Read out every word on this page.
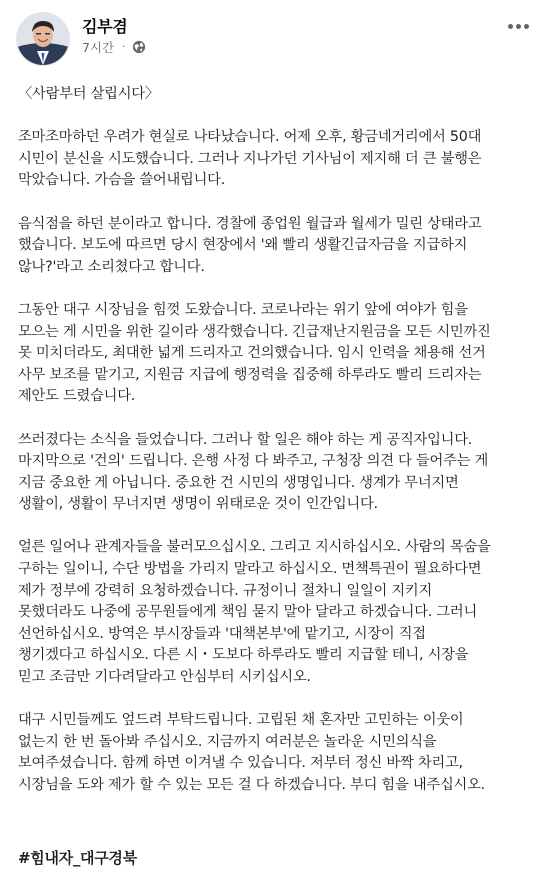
김부겸
7시간 ·

〈사람부터 살립시다〉

조마조마하던 우려가 현실로 나타났습니다. 어제 오후, 황금네거리에서 50대

시민이 분신을 시도했습니다. 그러나 지나가던 기사님이 제지해 더 큰 불행은

막았습니다. 가슴을 쓸어내립니다.

음식점을 하던 분이라고 합니다. 경찰에 종업원 월급과 월세가 밀린 상태라고

했습니다. 보도에 따르면 당시 현장에서 '왜 빨리 생활긴급자금을 지급하지

않나?'라고 소리쳤다고 합니다.

그동안 대구 시장님을 힘껏 도왔습니다. 코로나라는 위기 앞에 여야가 힘을

모으는 게 시민을 위한 길이라 생각했습니다. 긴급재난지원금을 모든 시민까진

못 미치더라도, 최대한 넓게 드리자고 건의했습니다. 임시 인력을 채용해 선거

사무 보조를 맡기고, 지원금 지급에 행정력을 집중해 하루라도 빨리 드리자는

제안도 드렸습니다.

쓰러졌다는 소식을 들었습니다. 그러나 할 일은 해야 하는 게 공직자입니다.

마지막으로 '건의' 드립니다. 은행 사정 다 봐주고, 구청장 의견 다 들어주는 게

지금 중요한 게 아닙니다. 중요한 건 시민의 생명입니다. 생계가 무너지면

생활이, 생활이 무너지면 생명이 위태로운 것이 인간입니다.

얼른 일어나 관계자들을 불러모으십시오. 그리고 지시하십시오. 사람의 목숨을

구하는 일이니, 수단 방법을 가리지 말라고 하십시오. 면책특권이 필요하다면

제가 정부에 강력히 요청하겠습니다. 규정이니 절차니 일일이 지키지

못했더라도 나중에 공무원들에게 책임 묻지 말아 달라고 하겠습니다. 그러니

선언하십시오. 방역은 부시장들과 '대책본부'에 맡기고, 시장이 직접

챙기겠다고 하십시오. 다른 시・도보다 하루라도 빨리 지급할 테니, 시장을

믿고 조금만 기다려달라고 안심부터 시키십시오.

대구 시민들께도 엎드려 부탁드립니다. 고립된 채 혼자만 고민하는 이웃이

없는지 한 번 돌아봐 주십시오. 지금까지 여러분은 놀라운 시민의식을

보여주셨습니다. 함께 하면 이겨낼 수 있습니다. 저부터 정신 바짝 차리고,

시장님을 도와 제가 할 수 있는 모든 걸 다 하겠습니다. 부디 힘을 내주십시오.

#힘내자_대구경북
